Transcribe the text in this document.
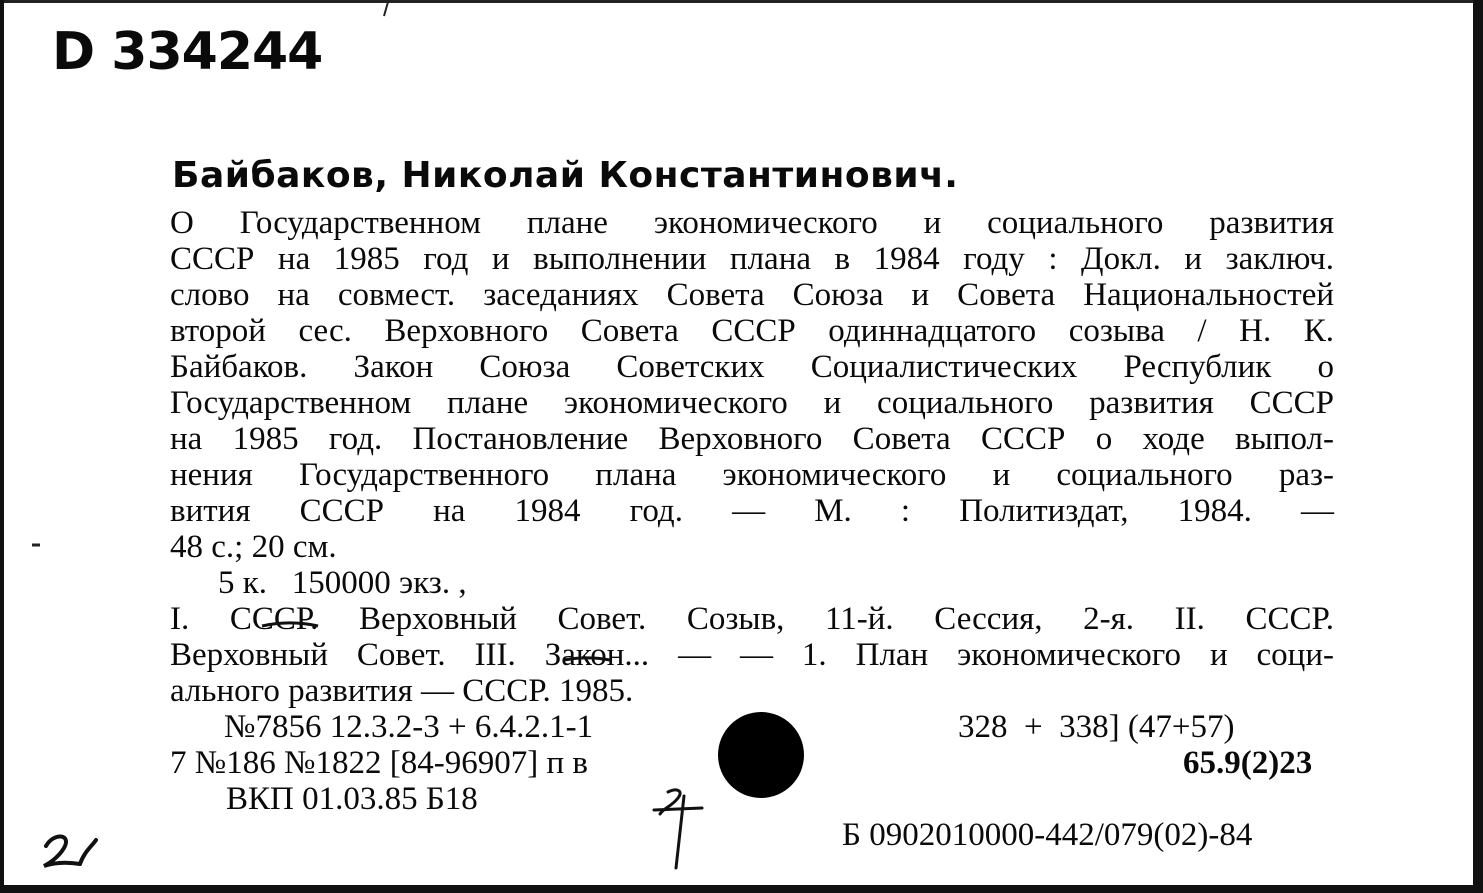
D 334244
Байбаков, Николай Константинович.
О Государственном плане экономического и социального развития
СССР на 1985 год и выполнении плана в 1984 году : Докл. и заключ.
слово на совмест. заседаниях Совета Союза и Совета Национальностей
второй сес. Верховного Совета СССР одиннадцатого созыва / Н. К.
Байбаков. Закон Союза Советских Социалистических Республик о
Государственном плане экономического и социального развития СССР
на 1985 год. Постановление Верховного Совета СССР о ходе выпол-
нения Государственного плана экономического и социального раз-
вития СССР на 1984 год. — М. : Политиздат, 1984. —
48 с.; 20 см.
5 к.   150000 экз. ,
I. СССР. Верховный Совет. Созыв, 11-й. Сессия, 2-я. II. СССР.
Верховный Совет. III. Закон... — — 1. План экономического и соци-
ального развития — СССР. 1985.
№7856 12.3.2-3 + 6.4.2.1-1
7 №186 №1822 [84-96907] п в
ВКП 01.03.85 Б18
328  +  338] (47+57)
65.9(2)23
Б 0902010000-442/079(02)-84
